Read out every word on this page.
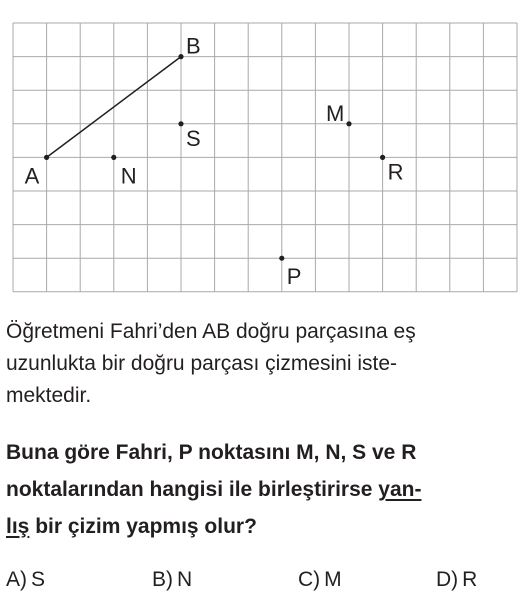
A
B
N
S
M
R
P
Öğretmeni Fahri’den AB doğru parçasına eş
uzunlukta bir doğru parçası çizmesini iste-
mektedir.
Buna göre Fahri, P noktasını M, N, S ve R
noktalarından hangisi ile birleştirirse yan-
lış bir çizim yapmış olur?
A) S	B) N	C) M	D) R
